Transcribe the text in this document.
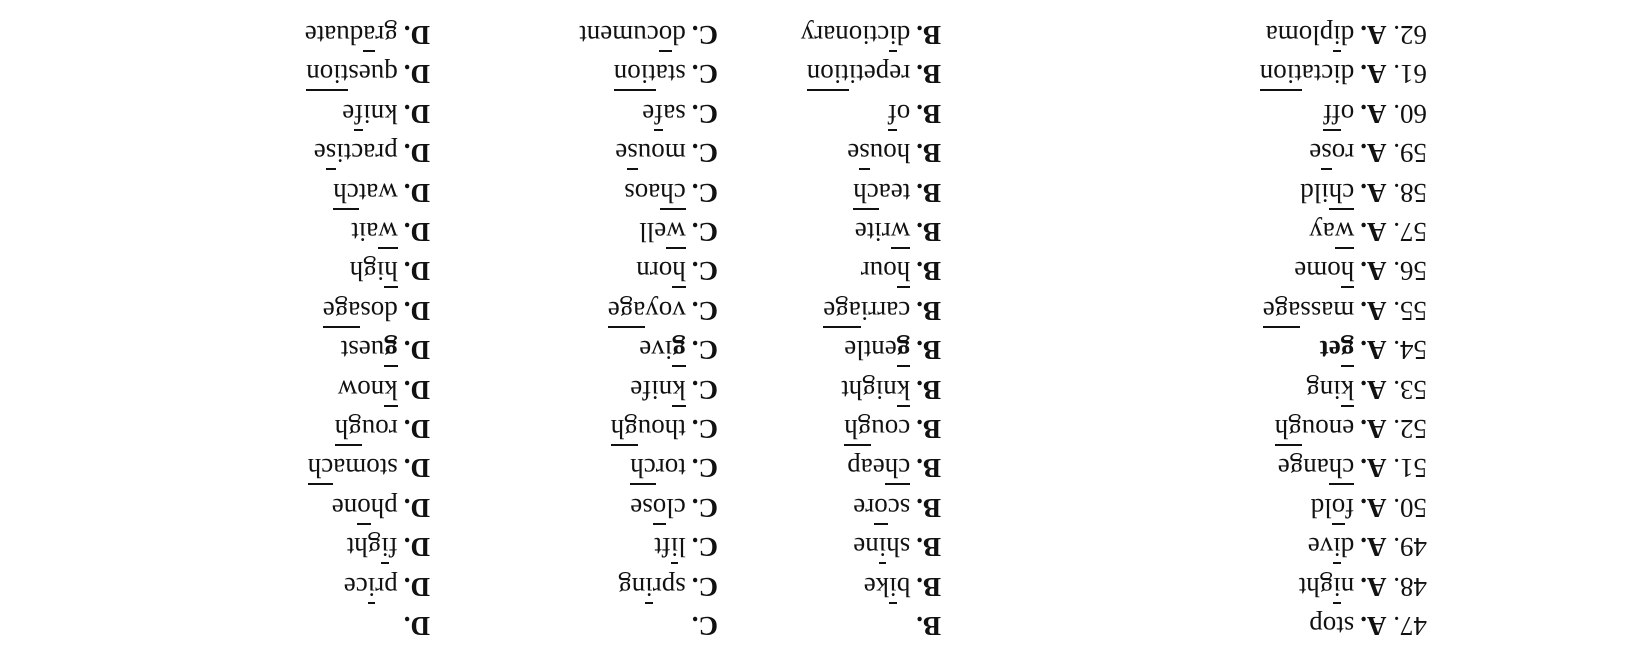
47. A.stop
B.
C.
D.
48. A.night
B.bike
C.spring
D.price
49. A.dive
B.shine
C.lift
D.fight
50. A.fold
B.score
C.close
D.phone
51. A.change
B.cheap
C.torch
D.stomach
52. A.enough
B.cough
C.though
D.rough
53. A.king
B.knight
C.knife
D.know
54. A.get
B.gentle
C.give
D.guest
55. A.massage
B.carriage
C.voyage
D.dosage
56. A.home
B.hour
C.horn
D.high
57. A.way
B.write
C.well
D.wait
58. A.child
B.teach
C.chaos
D.watch
59. A.rose
B.house
C.mouse
D.practise
60. A.off
B.of
C.safe
D.knife
61. A.dictation
B.repetition
C.station
D.question
62. A.diploma
B.dictionary
C.document
D.graduate
